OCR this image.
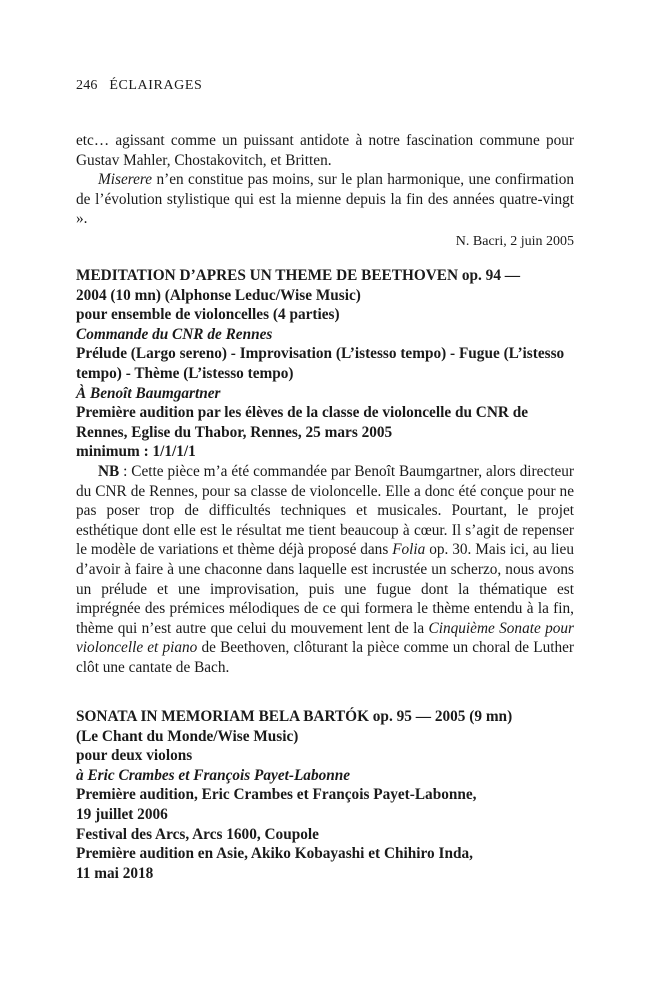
246 ÉCLAIRAGES

etc… agissant comme un puissant antidote à notre fascination commune pour Gustav Mahler, Chostakovitch, et Britten.

Miserere n’en constitue pas moins, sur le plan harmonique, une confirmation de l’évolution stylistique qui est la mienne depuis la fin des années quatre-vingt ».

N. Bacri, 2 juin 2005

MEDITATION D’APRES UN THEME DE BEETHOVEN op. 94 —

2004 (10 mn) (Alphonse Leduc/Wise Music)

pour ensemble de violoncelles (4 parties)

Commande du CNR de Rennes

Prélude (Largo sereno) - Improvisation (L’istesso tempo) - Fugue (L’istesso tempo) - Thème (L’istesso tempo)

À Benoît Baumgartner

Première audition par les élèves de la classe de violoncelle du CNR de Rennes, Eglise du Thabor, Rennes, 25 mars 2005

minimum : 1/1/1/1

NB : Cette pièce m’a été commandée par Benoît Baumgartner, alors directeur du CNR de Rennes, pour sa classe de violoncelle. Elle a donc été conçue pour ne pas poser trop de difficultés techniques et musicales. Pourtant, le projet esthétique dont elle est le résultat me tient beaucoup à cœur. Il s’agit de repenser le modèle de variations et thème déjà proposé dans Folia op. 30. Mais ici, au lieu d’avoir à faire à une chaconne dans laquelle est incrustée un scherzo, nous avons un prélude et une improvisation, puis une fugue dont la thématique est imprégnée des prémices mélodiques de ce qui formera le thème entendu à la fin, thème qui n’est autre que celui du mouvement lent de la Cinquième Sonate pour violoncelle et piano de Beethoven, clôturant la pièce comme un choral de Luther clôt une cantate de Bach.

SONATA IN MEMORIAM BELA BARTÓK op. 95 — 2005 (9 mn)

(Le Chant du Monde/Wise Music)

pour deux violons

à Eric Crambes et François Payet-Labonne

Première audition, Eric Crambes et François Payet-Labonne,

19 juillet 2006

Festival des Arcs, Arcs 1600, Coupole

Première audition en Asie, Akiko Kobayashi et Chihiro Inda,

11 mai 2018
